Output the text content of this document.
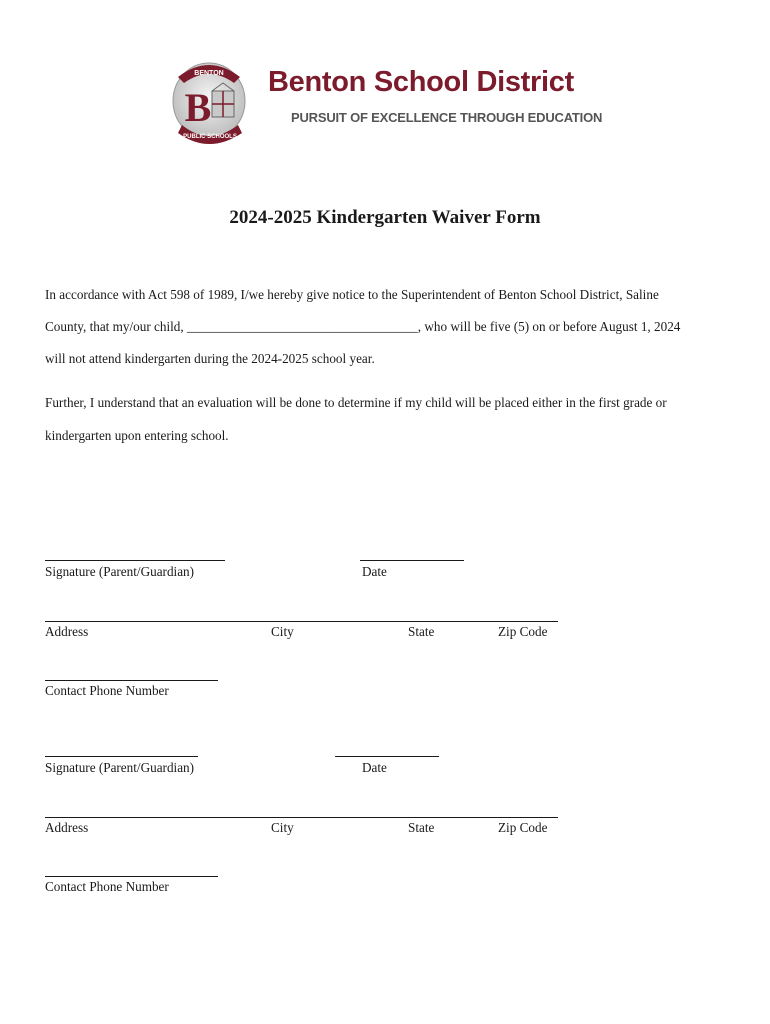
BENTON
B
PUBLIC SCHOOLS
Benton School District
PURSUIT OF EXCELLENCE THROUGH EDUCATION
2024-2025 Kindergarten Waiver Form
In accordance with Act 598 of 1989, I/we hereby give notice to the Superintendent of Benton School District, Saline
County, that my/our child, ___________________________________, who will be five (5) on or before August 1, 2024
will not attend kindergarten during the 2024-2025 school year.
Further, I understand that an evaluation will be done to determine if my child will be placed either in the first grade or
kindergarten upon entering school.
Signature (Parent/Guardian)	Date
Address	City	State	Zip Code
Contact Phone Number
Signature (Parent/Guardian)	Date
Address	City	State	Zip Code
Contact Phone Number
